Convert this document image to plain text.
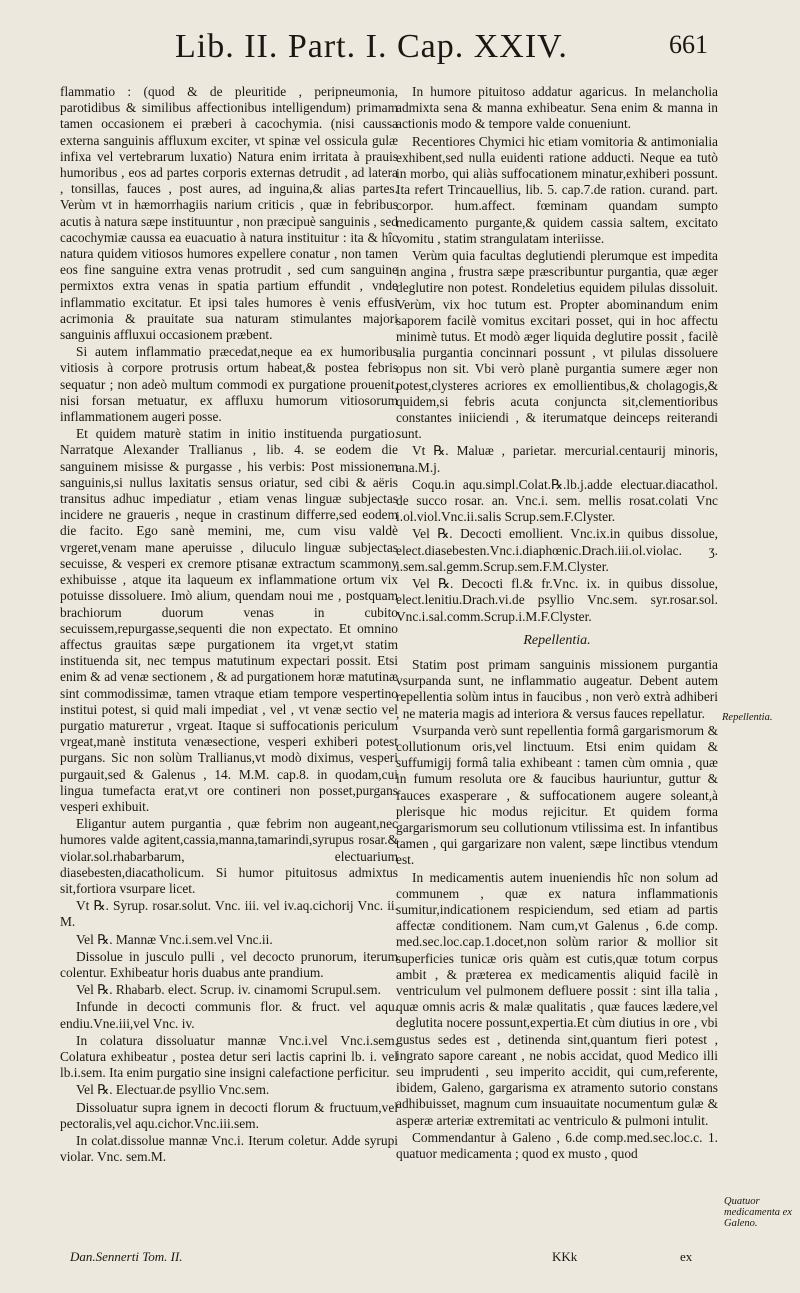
Lib. II. Part. I. Cap. XXIV.	661

flammatio : (quod & de pleuritide , peripneumonia, parotidibus & similibus affectionibus intelligendum) primam tamen occasionem ei præberi à cacochymia. (nisi caussa externa sanguinis affluxum exciter, vt spinæ vel ossicula gulæ infixa vel vertebrarum luxatio) Natura enim irritata à prauis humoribus , eos ad partes corporis externas detrudit , ad latera , tonsillas, fauces , post aures, ad inguina,& alias partes. Verùm vt in hæmorrhagiis narium criticis , quæ in febribus acutis à natura sæpe instituuntur , non præcipuè sanguinis , sed cacochymiæ caussa ea euacuatio à natura instituitur : ita & hîc natura quidem vitiosos humores expellere conatur , non tamen eos fine sanguine extra venas protrudit , sed cum sanguine permixtos extra venas in spatia partium effundit , vnde inflammatio excitatur. Et ipsi tales humores è venis effusi acrimonia & prauitate sua naturam stimulantes majori sanguinis affluxui occasionem præbent.

Si autem inflammatio præcedat,neque ea ex humoribus vitiosis à corpore protrusis ortum habeat,& postea febris sequatur ; non adeò multum commodi ex purgatione prouenit, nisi forsan metuatur, ex affluxu humorum vitiosorum inflammationem augeri posse.

Et quidem maturè statim in initio instituenda purgatio. Narratque Alexander Trallianus , lib. 4. se eodem die sanguinem misisse & purgasse , his verbis: Post missionem sanguinis,si nullus laxitatis sensus oriatur, sed cibi & aëris transitus adhuc impediatur , etiam venas linguæ subjectas incidere ne graueris , neque in crastinum differre,sed eodem die facito. Ego sanè memini, me, cum visu valdè vrgeret,venam mane aperuisse , diluculo linguæ subjectas secuisse, & vesperi ex cremore ptisanæ extractum scammony exhibuisse , atque ita laqueum ex inflammatione ortum vix potuisse dissoluere. Imò alium, quendam noui me , postquam brachiorum duorum venas in cubito secuissem,repurgasse,sequenti die non expectato. Et omnino affectus grauitas sæpe purgationem ita vrget,vt statim instituenda sit, nec tempus matutinum expectari possit. Etsi enim & ad venæ sectionem , & ad purgationem horæ matutinæ sint commodissimæ, tamen vtraque etiam tempore vespertino institui potest, si quid mali impediat , vel , vt venæ sectio vel purgatio matureтur , vrgeat. Itaque si suffocationis periculum vrgeat,manè instituta venæsectione, vesperi exhiberi potest purgans. Sic non solùm Trallianus,vt modò diximus, vesperi purgauit,sed & Galenus , 14. M.M. cap.8. in quodam,cui lingua tumefacta erat,vt ore contineri non posset,purgans vesperi exhibuit.

Eligantur autem purgantia , quæ febrim non augeant,nec humores valde agitent,cassia,manna,tamarindi,syrupus rosar.& violar.sol.rhabarbarum, electuarium diasebesten,diacatholicum. Si humor pituitosus admixtus sit,fortiora vsurpare licet.

Vt ℞. Syrup. rosar.solut. Vnc. iii. vel iv.aq.cichorij Vnc. ii. M.

Vel ℞. Mannæ Vnc.i.sem.vel Vnc.ii.

Dissolue in jusculo pulli , vel decocto prunorum, iterum colentur. Exhibeatur horis duabus ante prandium.

Vel ℞. Rhabarb. elect. Scrup. iv. cinamomi Scrupul.sem.

Infunde in decocti communis flor. & fruct. vel aqu. endiu.Vne.iii,vel Vnc. iv.

In colatura dissoluatur mannæ Vnc.i.vel Vnc.i.sem. Colatura exhibeatur , postea detur seri lactis caprini lb. i. vel lb.i.sem. Ita enim purgatio sine insigni calefactione perficitur.

Vel ℞. Electuar.de psyllio Vnc.sem.

Dissoluatur supra ignem in decocti florum & fructuum,vel pectoralis,vel aqu.cichor.Vnc.iii.sem.

In colat.dissolue mannæ Vnc.i. Iterum coletur. Adde syrupi violar. Vnc. sem.M.

In humore pituitoso addatur agaricus. In melancholia admixta sena & manna exhibeatur. Sena enim & manna in actionis modo & tempore valde conueniunt.

Recentiores Chymici hic etiam vomitoria & antimonialia exhibent,sed nulla euidenti ratione adducti. Neque ea tutò in morbo, qui aliàs suffocationem minatur,exhiberi possunt. Ita refert Trincauellius, lib. 5. cap.7.de ration. curand. part. corpor. hum.affect. fœminam quandam sumpto medicamento purgante,& quidem cassia saltem, excitato vomitu , statim strangulatam interiisse.

Verùm quia facultas deglutiendi plerumque est impedita in angina , frustra sæpe præscribuntur purgantia, quæ æger deglutire non potest. Rondeletius equidem pilulas dissoluit. Verùm, vix hoc tutum est. Propter abominandum enim saporem facilè vomitus excitari posset, qui in hoc affectu minimè tutus. Et modò æger liquida deglutire possit , facilè alia purgantia concinnari possunt , vt pilulas dissoluere opus non sit. Vbi verò planè purgantia sumere æger non potest,clysteres acriores ex emollientibus,& cholagogis,& quidem,si febris acuta conjuncta sit,clementioribus constantes iniiciendi , & iterumatque deinceps reiterandi sunt.

Vt ℞. Maluæ , parietar. mercurial.centaurij minoris, ana.M.j.

Coqu.in aqu.simpl.Colat.℞.lb.j.adde electuar.diacathol. de succo rosar. an. Vnc.i. sem. mellis rosat.colati Vnc i.ol.viol.Vnc.ii.salis Scrup.sem.F.Clyster.

Vel ℞. Decocti emollient. Vnc.ix.in quibus dissolue, elect.diasebesten.Vnc.i.diaphœnic.Drach.iii.ol.violac. ʒ. i.sem.sal.gemm.Scrup.sem.F.M.Clyster.

Vel ℞. Decocti fl.& fr.Vnc. ix. in quibus dissolue, elect.lenitiu.Drach.vi.de psyllio Vnc.sem. syr.rosar.sol. Vnc.i.sal.comm.Scrup.i.M.F.Clyster.

Repellentia.

Statim post primam sanguinis missionem purgantia vsurpanda sunt, ne inflammatio augeatur. Debent autem repellentia solùm intus in faucibus , non verò extrà adhiberi , ne materia magis ad interiora & versus fauces repellatur.

Vsurpanda verò sunt repellentia formâ gargarismorum & collutionum oris,vel linctuum. Etsi enim quidam & suffumigij formâ talia exhibeant : tamen cùm omnia , quæ in fumum resoluta ore & faucibus hauriuntur, guttur & fauces exasperare , & suffocationem augere soleant,à plerisque hic modus rejicitur. Et quidem forma gargarismorum seu collutionum vtilissima est. In infantibus tamen , qui gargarizare non valent, sæpe linctibus vtendum est.

In medicamentis autem inueniendis hîc non solum ad communem , quæ ex natura inflammationis sumitur,indicationem respiciendum, sed etiam ad partis affectæ conditionem. Nam cum,vt Galenus , 6.de comp. med.sec.loc.cap.1.docet,non solùm rarior & mollior sit superficies tunicæ oris quàm est cutis,quæ totum corpus ambit , & præterea ex medicamentis aliquid facilè in ventriculum vel pulmonem defluere possit : sint illa talia , quæ omnis acris & malæ qualitatis , quæ fauces lædere,vel deglutita nocere possunt,expertia.Et cùm diutius in ore , vbi gustus sedes est , detinenda sint,quantum fieri potest , ingrato sapore careant , ne nobis accidat, quod Medico illi seu imprudenti , seu imperito accidit, qui cum,referente, ibidem, Galeno, gargarisma ex atramento sutorio constans adhibuisset, magnum cum insuauitate nocumentum gulæ & asperæ arteriæ extremitati ac ventriculo & pulmoni intulit.

Commendantur à Galeno , 6.de comp.med.sec.loc.c. 1. quatuor medicamenta ; quod ex musto , quod

Repellentia.
Quatuor medicamenta ex Galeno.
Dan.Sennerti Tom. II.	KKk	ex
